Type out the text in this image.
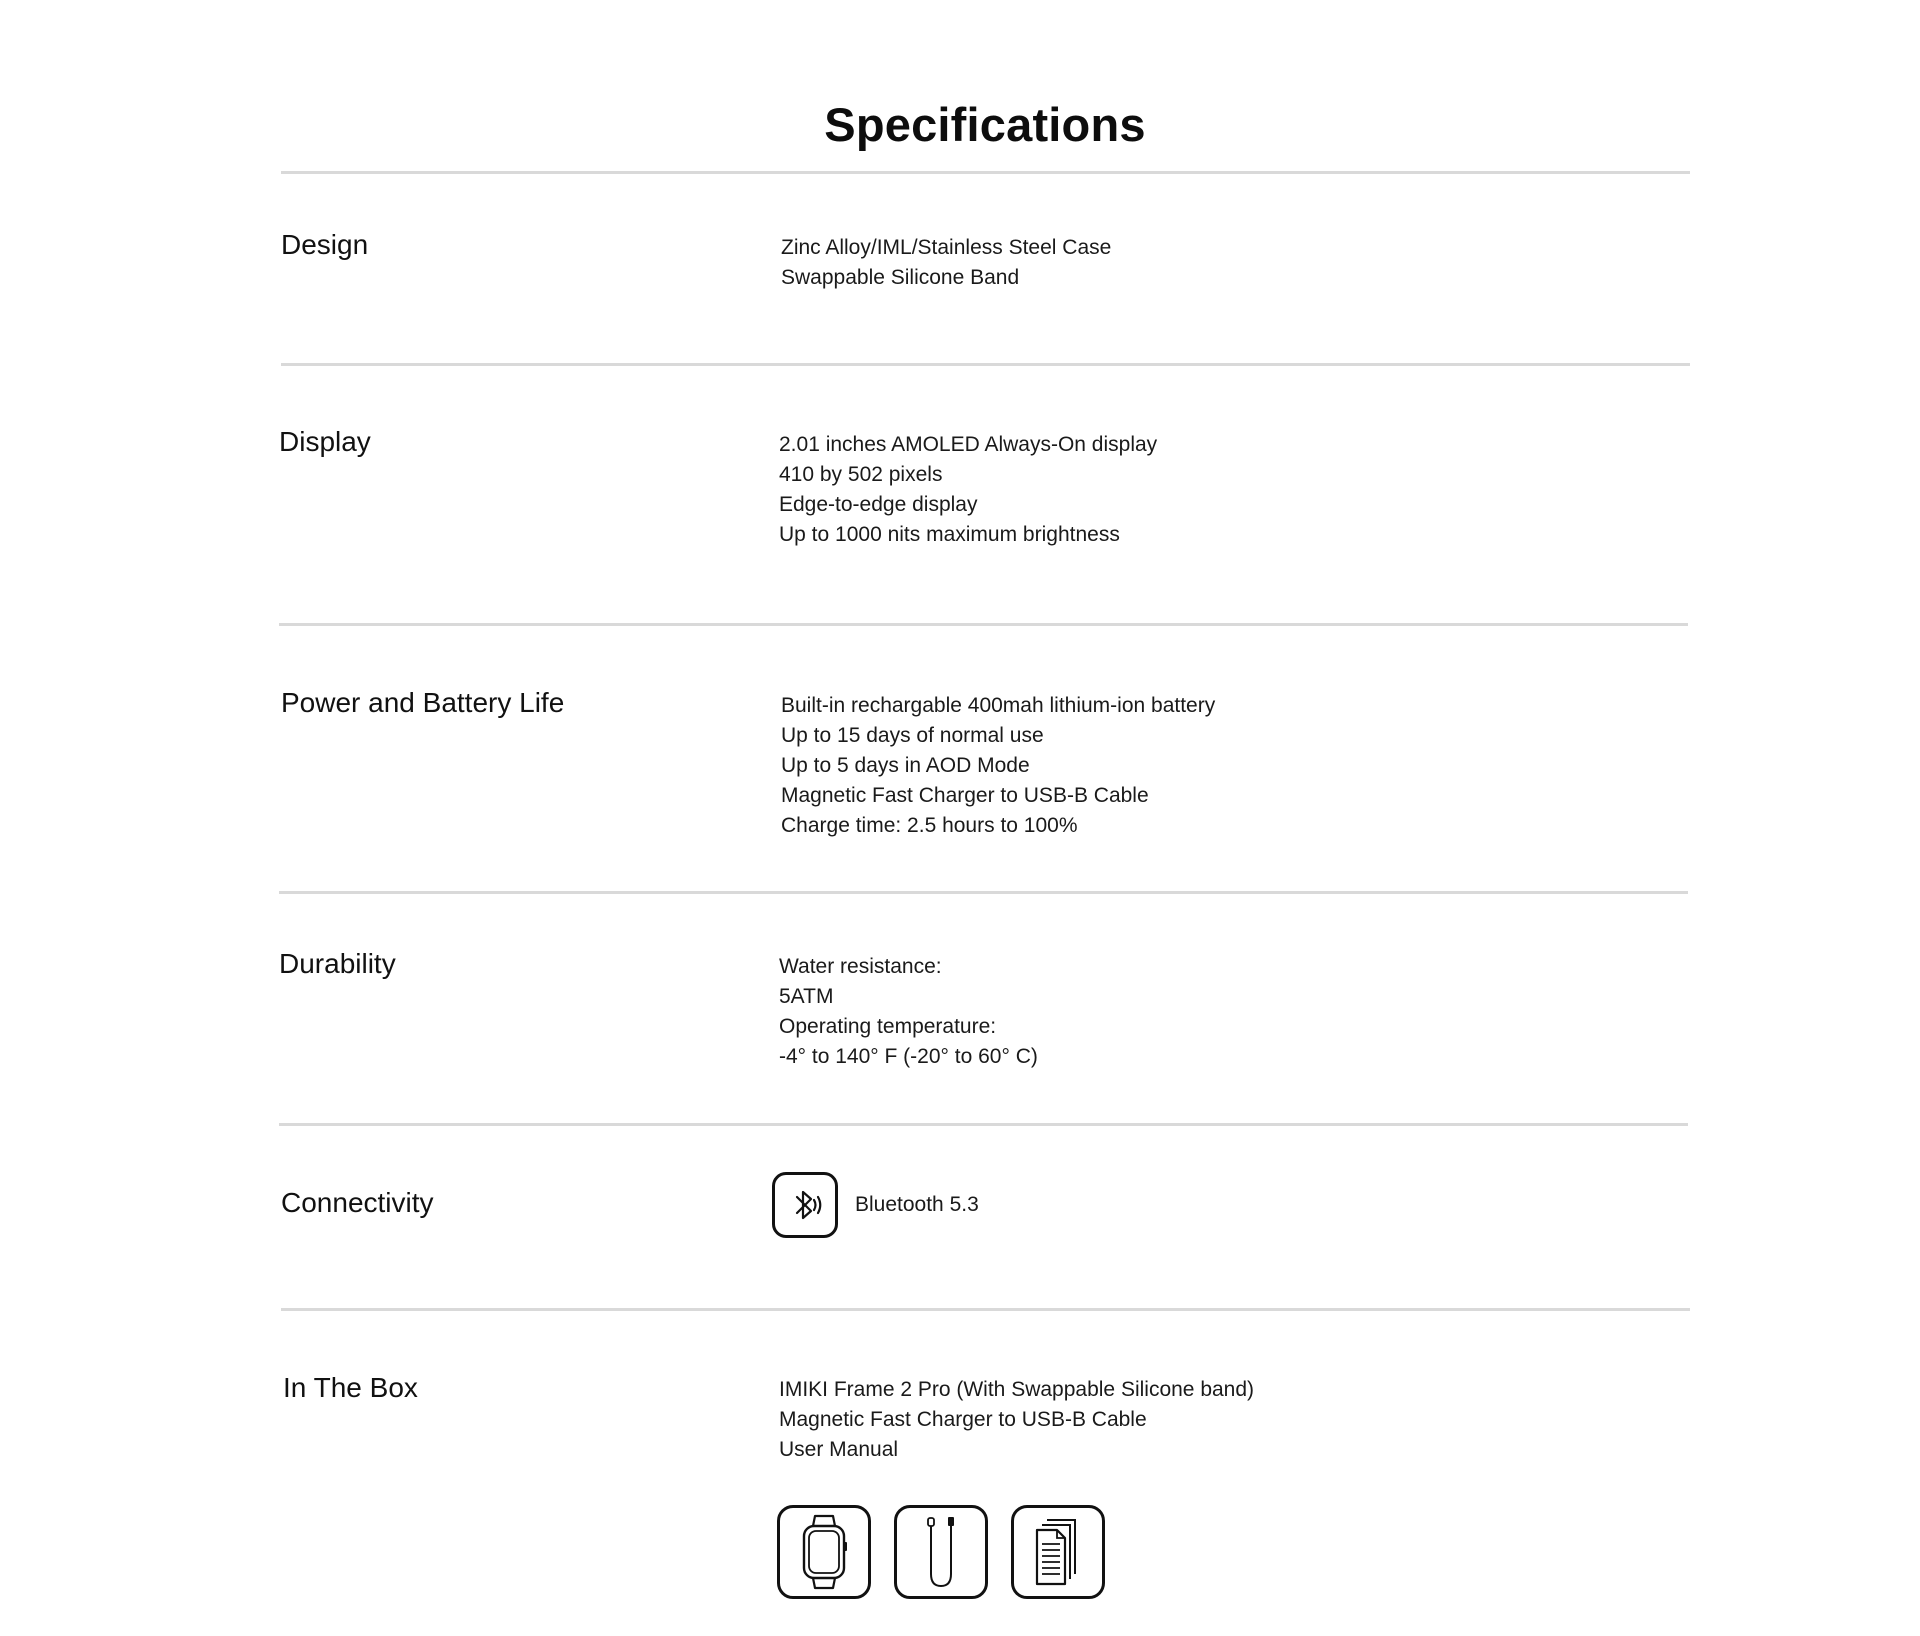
Specifications
Design	Zinc Alloy/IML/Stainless Steel Case
Swappable Silicone Band
Display	2.01 inches AMOLED Always-On display
410 by 502 pixels
Edge-to-edge display
Up to 1000 nits maximum brightness
Power and Battery Life	Built-in rechargable 400mah lithium-ion battery
Up to 15 days of normal use
Up to 5 days in AOD Mode
Magnetic Fast Charger to USB-B Cable
Charge time: 2.5 hours to 100%
Durability	Water resistance:
5ATM
Operating temperature:
-4° to 140° F (-20° to 60° C)
Connectivity	Bluetooth 5.3
In The Box	IMIKI Frame 2 Pro (With Swappable Silicone band)
Magnetic Fast Charger to USB-B Cable
User Manual
